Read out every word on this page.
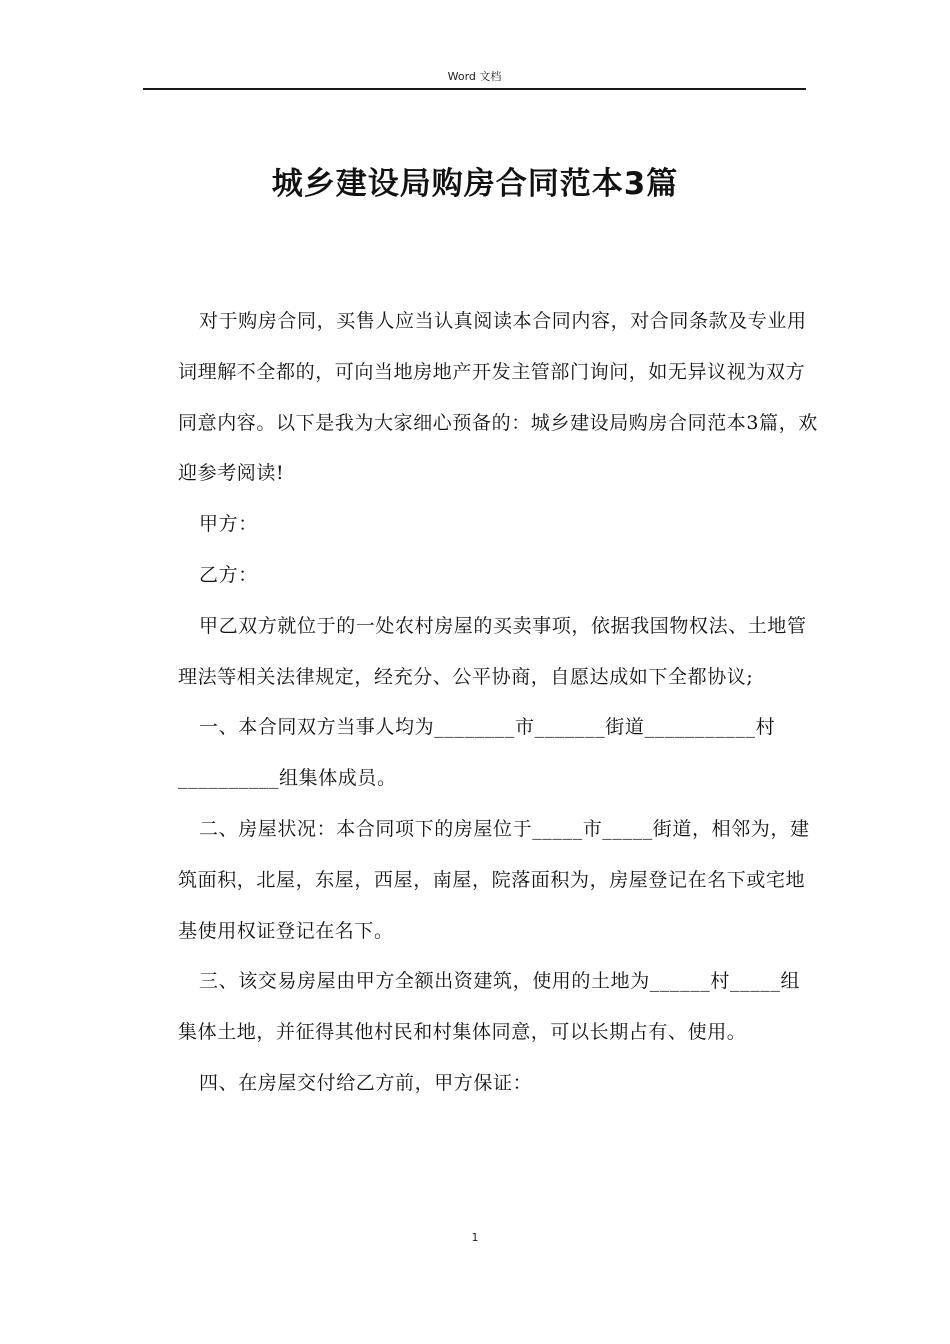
Word 文档
城乡建设局购房合同范本3篇

对于购房合同，买售人应当认真阅读本合同内容，对合同条款及专业用词理解不全都的，可向当地房地产开发主管部门询问，如无异议视为双方同意内容。以下是我为大家细心预备的：城乡建设局购房合同范本3篇，欢迎参考阅读!

甲方：

乙方：

甲乙双方就位于的一处农村房屋的买卖事项，依据我国物权法、土地管理法等相关法律规定，经充分、公平协商，自愿达成如下全都协议;

一、本合同双方当事人均为________市_______街道___________村__________组集体成员。

二、房屋状况：本合同项下的房屋位于_____市_____街道，相邻为，建筑面积，北屋，东屋，西屋，南屋，院落面积为，房屋登记在名下或宅地基使用权证登记在名下。

三、该交易房屋由甲方全额出资建筑，使用的土地为______村_____组集体土地，并征得其他村民和村集体同意，可以长期占有、使用。

四、在房屋交付给乙方前，甲方保证：

1
